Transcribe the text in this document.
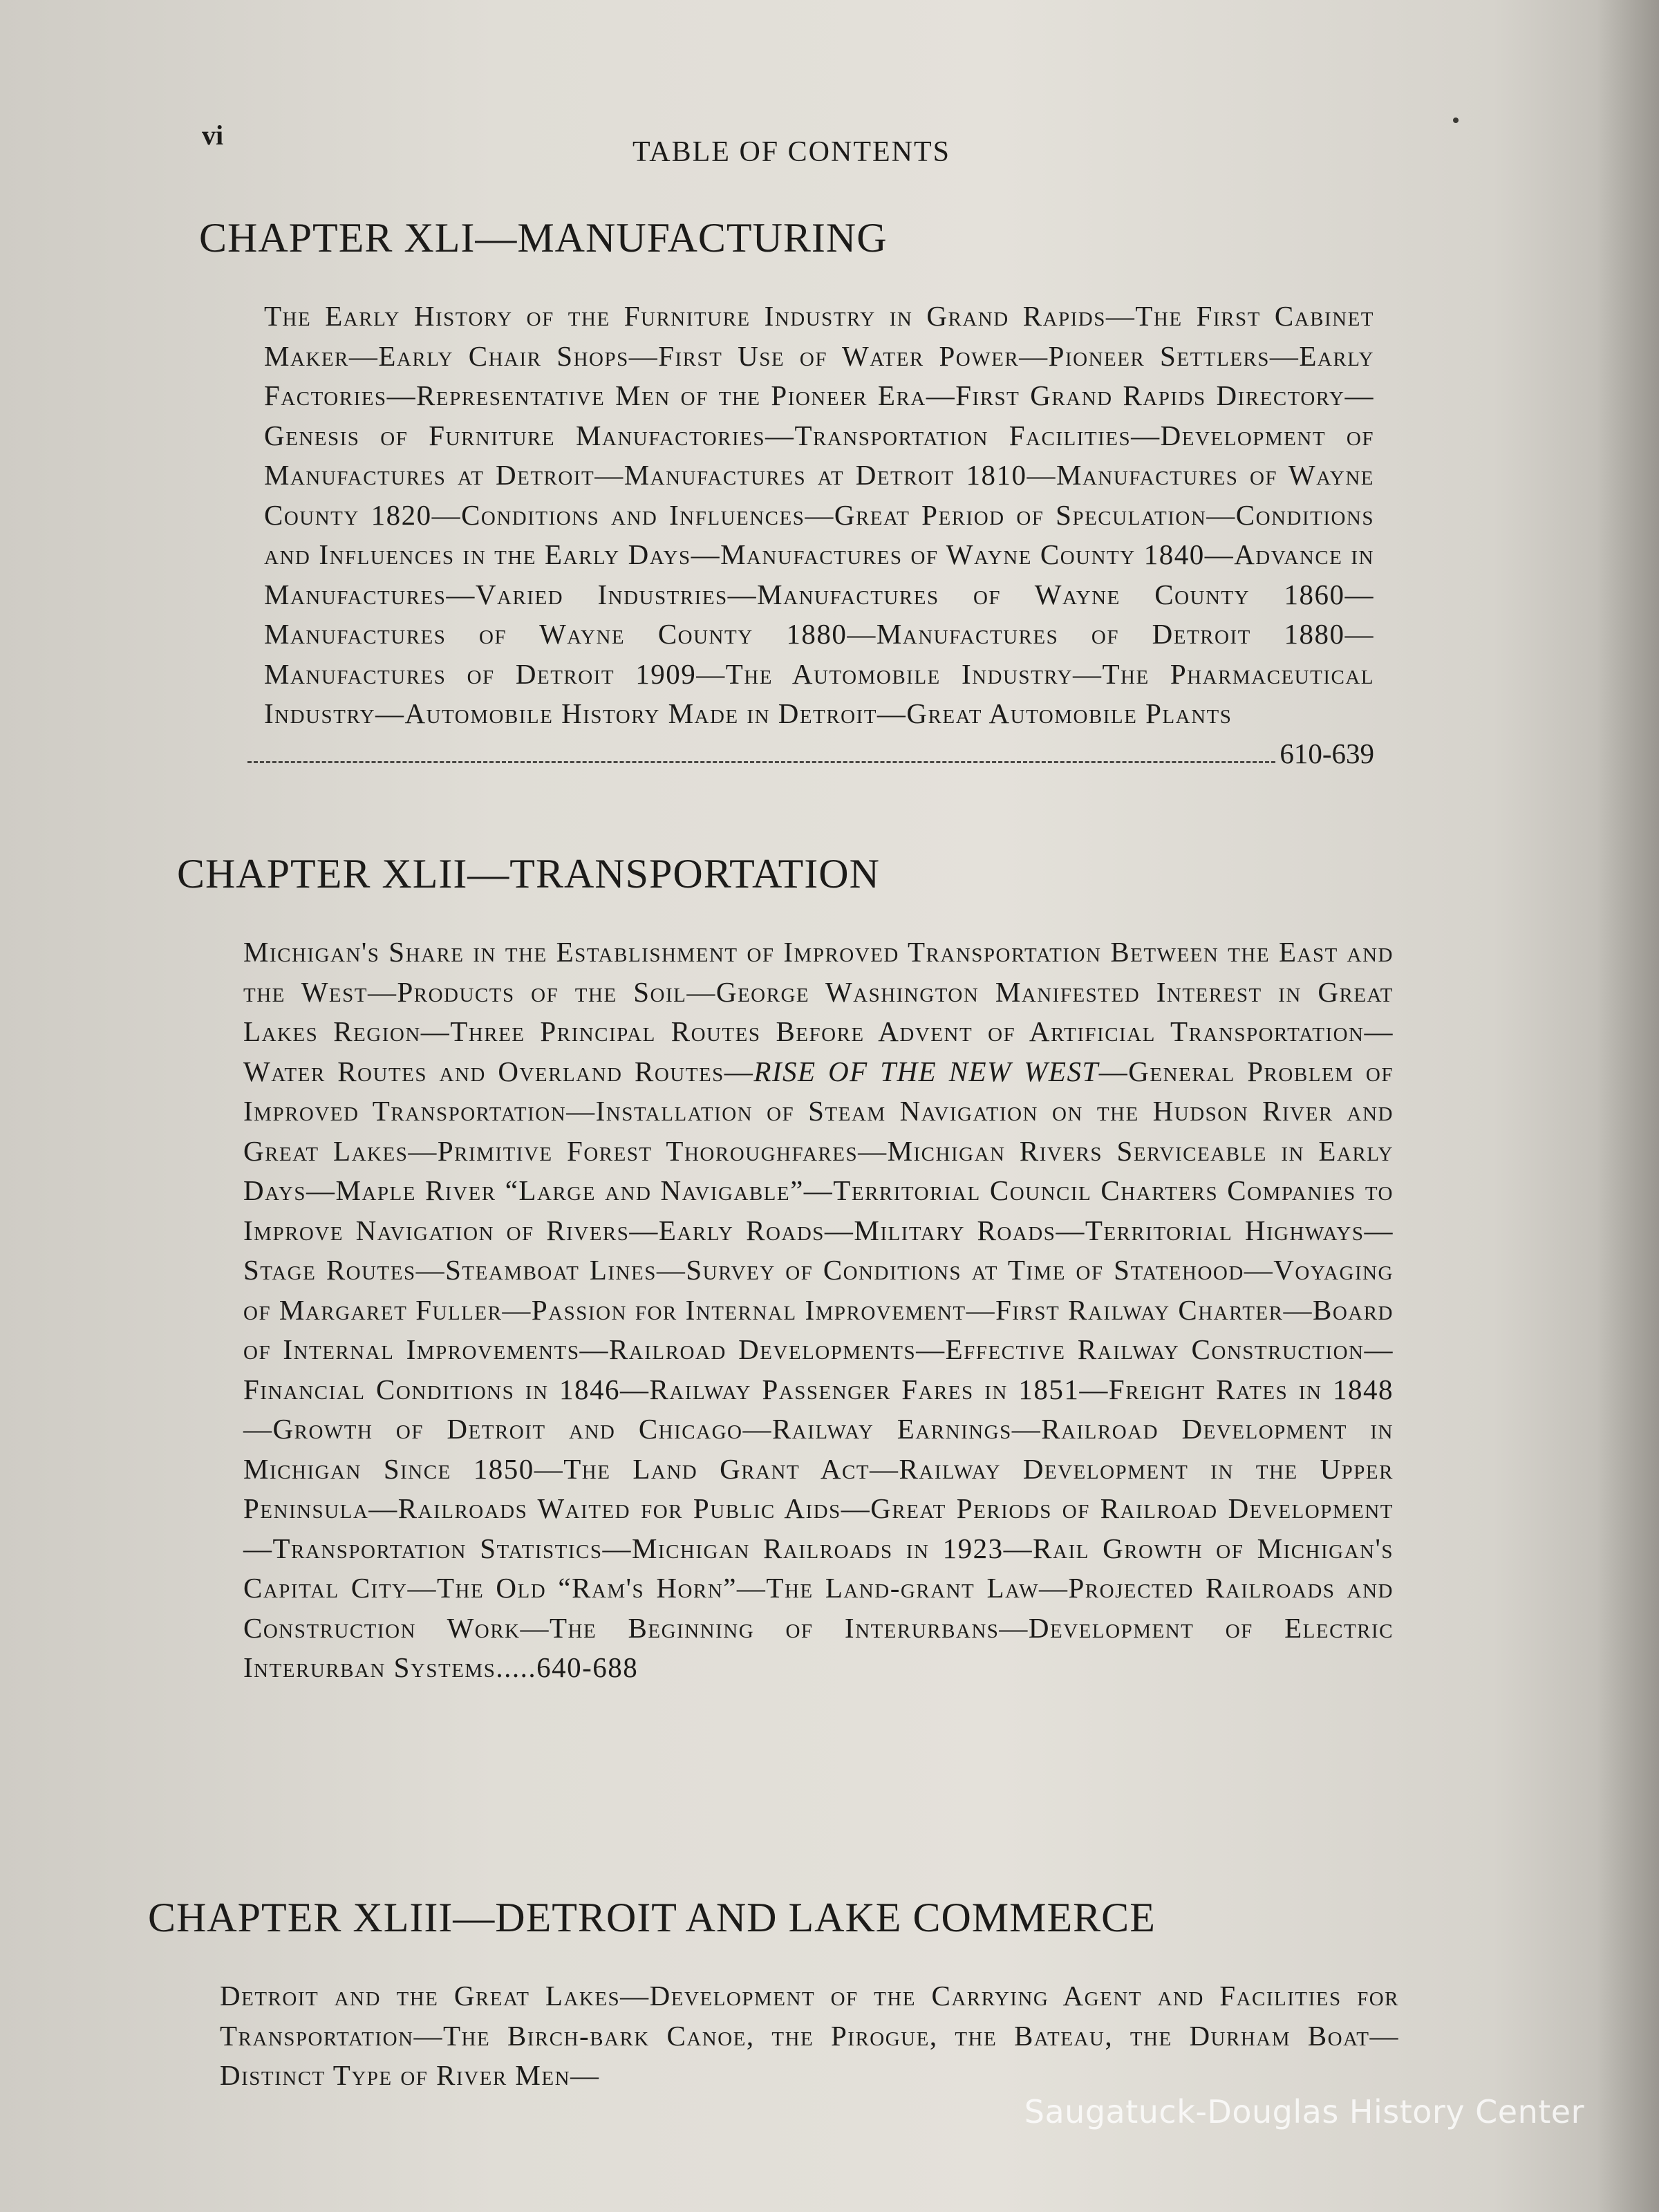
vi
TABLE OF CONTENTS
CHAPTER XLI—MANUFACTURING
The Early History of the Furniture Industry in Grand Rapids—The First Cabinet Maker—Early Chair Shops—First Use of Water Power—Pioneer Settlers—Early Factories—Representative Men of the Pioneer Era—First Grand Rapids Directory—Genesis of Furniture Manufactories—Transportation Facilities—Development of Manufactures at Detroit—Manufactures at Detroit 1810—Manufactures of Wayne County 1820—Conditions and Influences—Great Period of Speculation—Conditions and Influences in the Early Days—Manufactures of Wayne County 1840—Advance in Manufactures—Varied Industries—Manufactures of Wayne County 1860—Manufactures of Wayne County 1880—Manufactures of Detroit 1880—Manufactures of Detroit 1909—The Automobile Industry—The Pharmaceutical Industry—Automobile History Made in Detroit—Great Automobile Plants
610-639
CHAPTER XLII—TRANSPORTATION
Michigan's Share in the Establishment of Improved Transportation Between the East and the West—Products of the Soil—George Washington Manifested Interest in Great Lakes Region—Three Principal Routes Before Advent of Artificial Transportation—Water Routes and Overland Routes—RISE OF THE NEW WEST—General Problem of Improved Transportation—Installation of Steam Navigation on the Hudson River and Great Lakes—Primitive Forest Thoroughfares—Michigan Rivers Serviceable in Early Days—Maple River “Large and Navigable”—Territorial Council Charters Companies to Improve Navigation of Rivers—Early Roads—Military Roads—Territorial Highways—Stage Routes—Steamboat Lines—Survey of Conditions at Time of Statehood—Voyaging of Margaret Fuller—Passion for Internal Improvement—First Railway Charter—Board of Internal Improvements—Railroad Developments—Effective Railway Construction—Financial Conditions in 1846—Railway Passenger Fares in 1851—Freight Rates in 1848—Growth of Detroit and Chicago—Railway Earnings—Railroad Development in Michigan Since 1850—The Land Grant Act—Railway Development in the Upper Peninsula—Railroads Waited for Public Aids—Great Periods of Railroad Development—Transportation Statistics—Michigan Railroads in 1923—Rail Growth of Michigan's Capital City—The Old “Ram's Horn”—The Land-grant Law—Projected Railroads and Construction Work—The Beginning of Interurbans—Development of Electric Interurban Systems.....640-688
CHAPTER XLIII—DETROIT AND LAKE COMMERCE
Detroit and the Great Lakes—Development of the Carrying Agent and Facilities for Transportation—The Birch-bark Canoe, the Pirogue, the Bateau, the Durham Boat—Distinct Type of River Men—
Saugatuck-Douglas History Center
